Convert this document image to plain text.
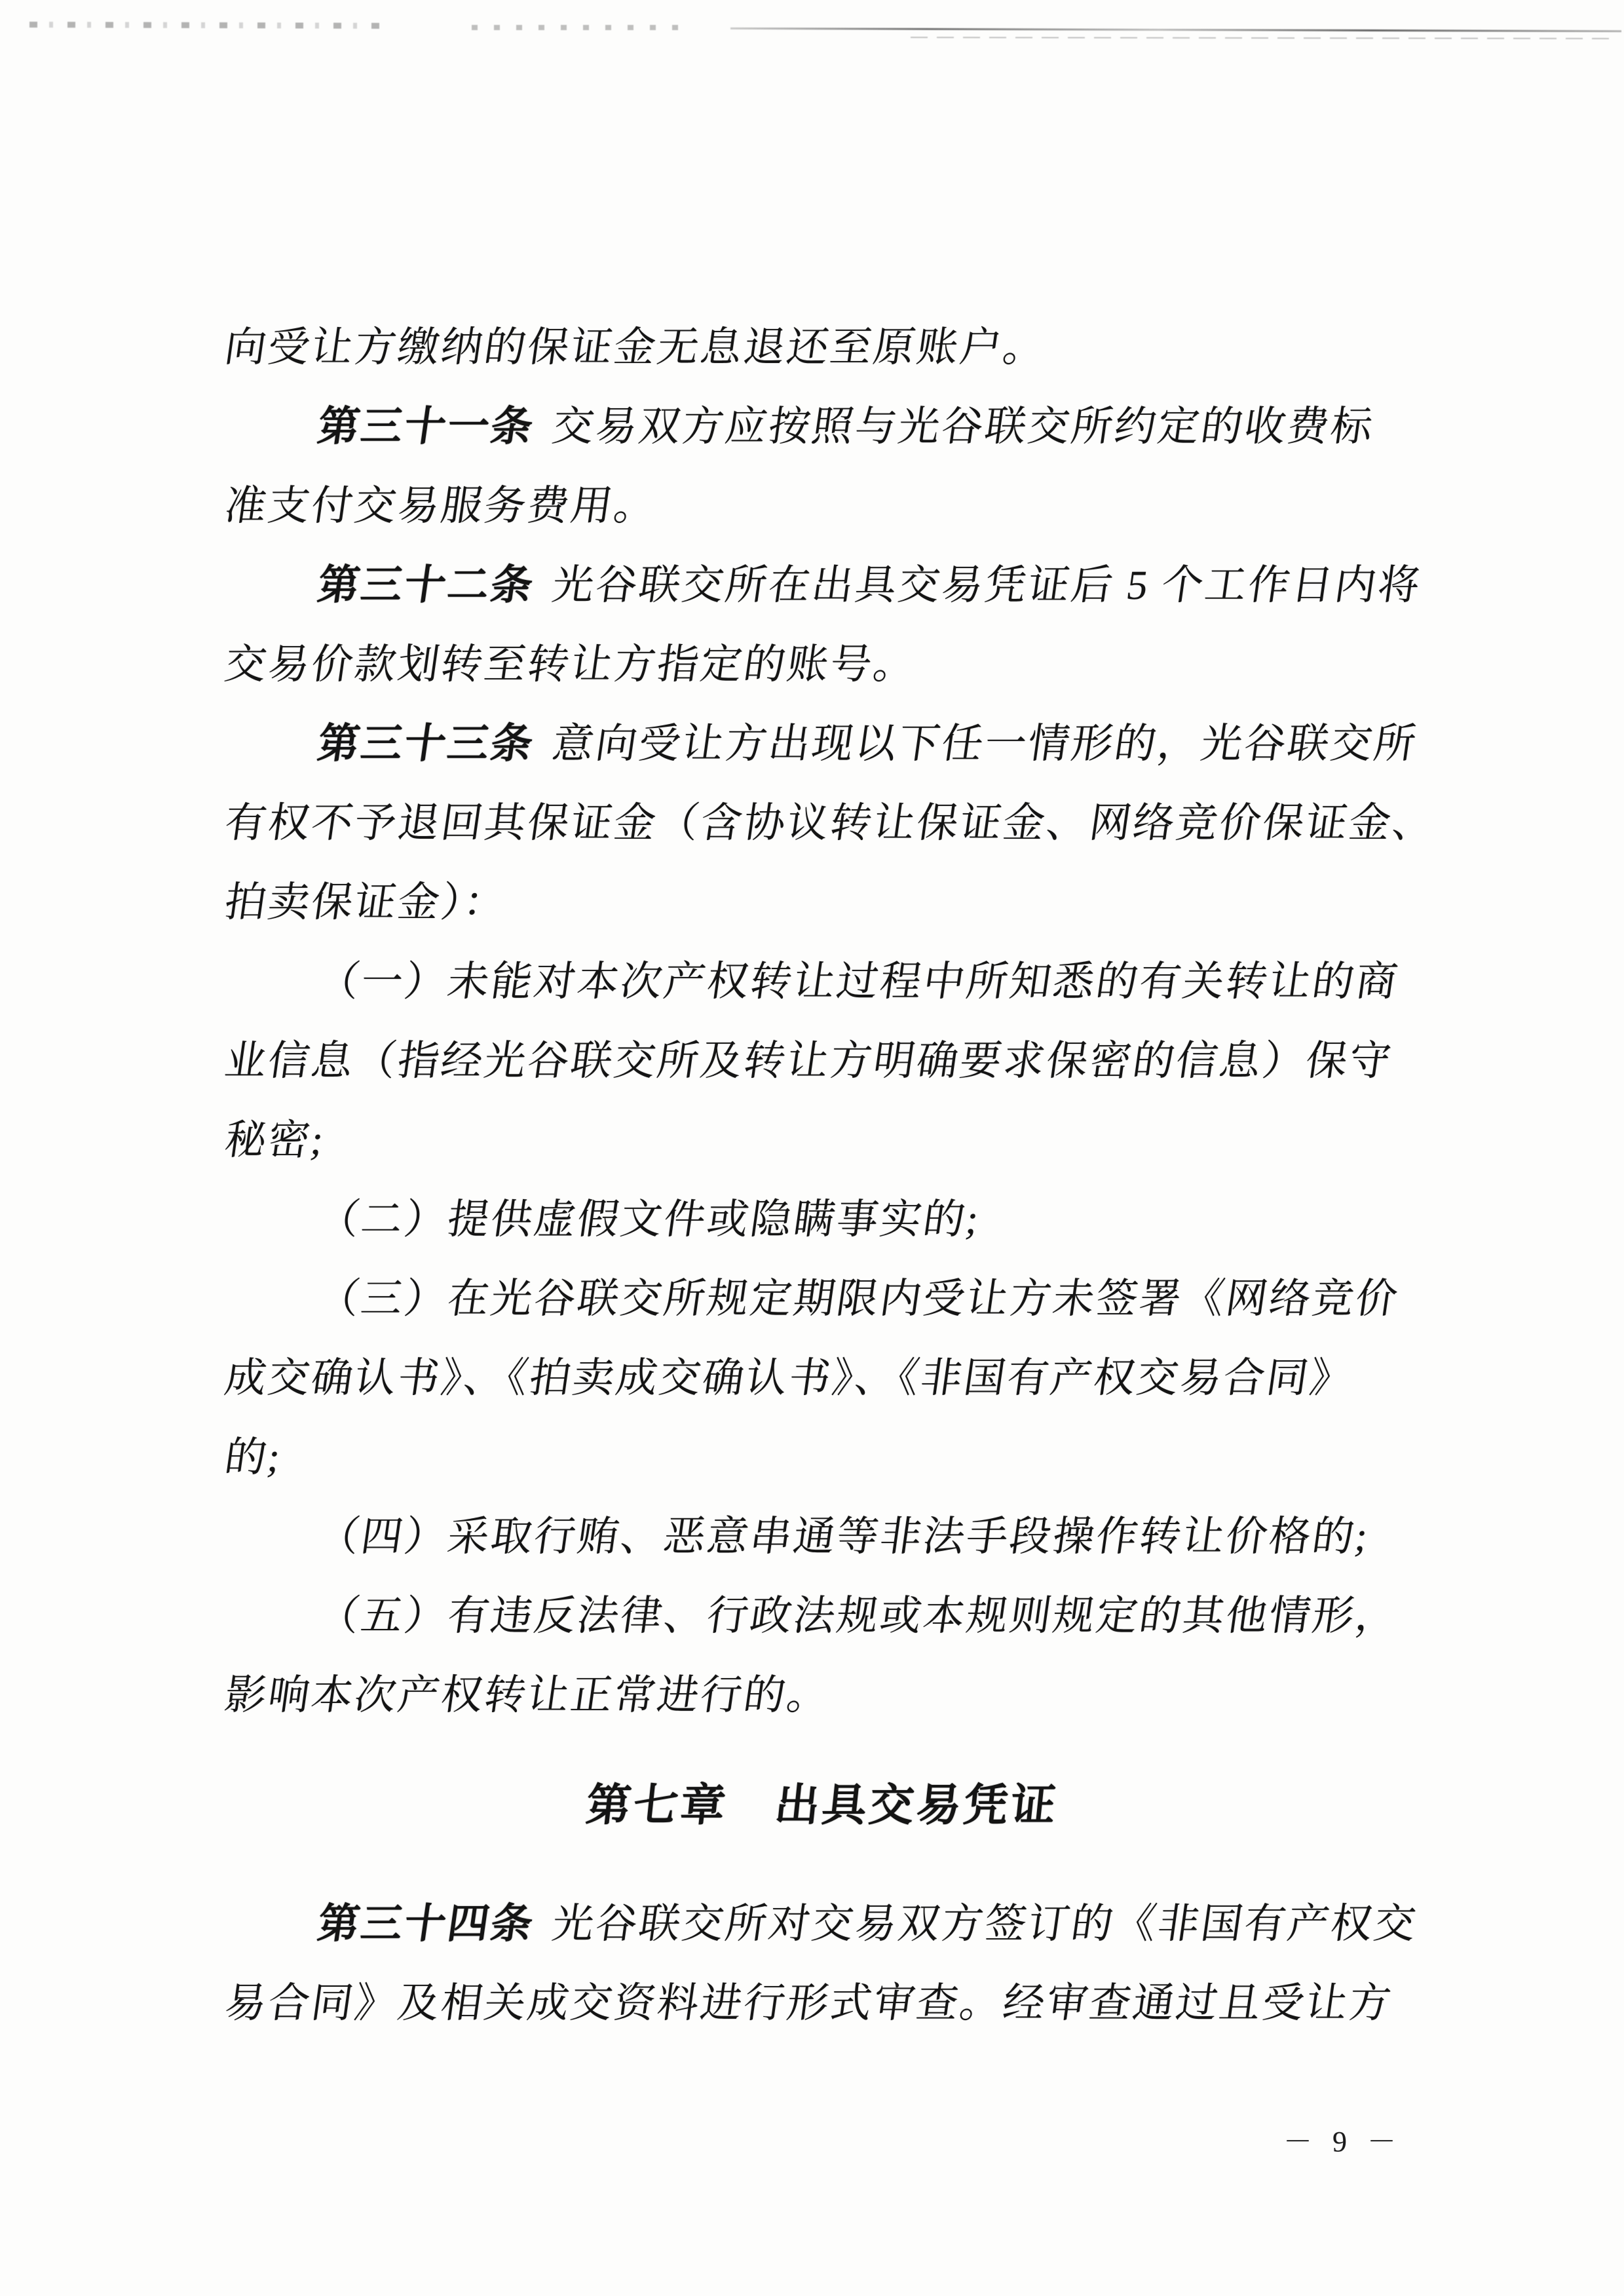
向受让方缴纳的保证金无息退还至原账户。
第三十一条 交易双方应按照与光谷联交所约定的收费标
准支付交易服务费用。
第三十二条 光谷联交所在出具交易凭证后 5 个工作日内将
交易价款划转至转让方指定的账号。
第三十三条 意向受让方出现以下任一情形的，光谷联交所
有权不予退回其保证金（含协议转让保证金、网络竞价保证金、
拍卖保证金）：
（一）未能对本次产权转让过程中所知悉的有关转让的商
业信息（指经光谷联交所及转让方明确要求保密的信息）保守
秘密;
（二）提供虚假文件或隐瞒事实的;
（三）在光谷联交所规定期限内受让方未签署《网络竞价
成交确认书》、《拍卖成交确认书》、《非国有产权交易合同》
的;
（四）采取行贿、恶意串通等非法手段操作转让价格的;
（五）有违反法律、行政法规或本规则规定的其他情形，
影响本次产权转让正常进行的。
第七章　出具交易凭证
第三十四条 光谷联交所对交易双方签订的《非国有产权交
易合同》及相关成交资料进行形式审查。经审查通过且受让方
－ 9 －
